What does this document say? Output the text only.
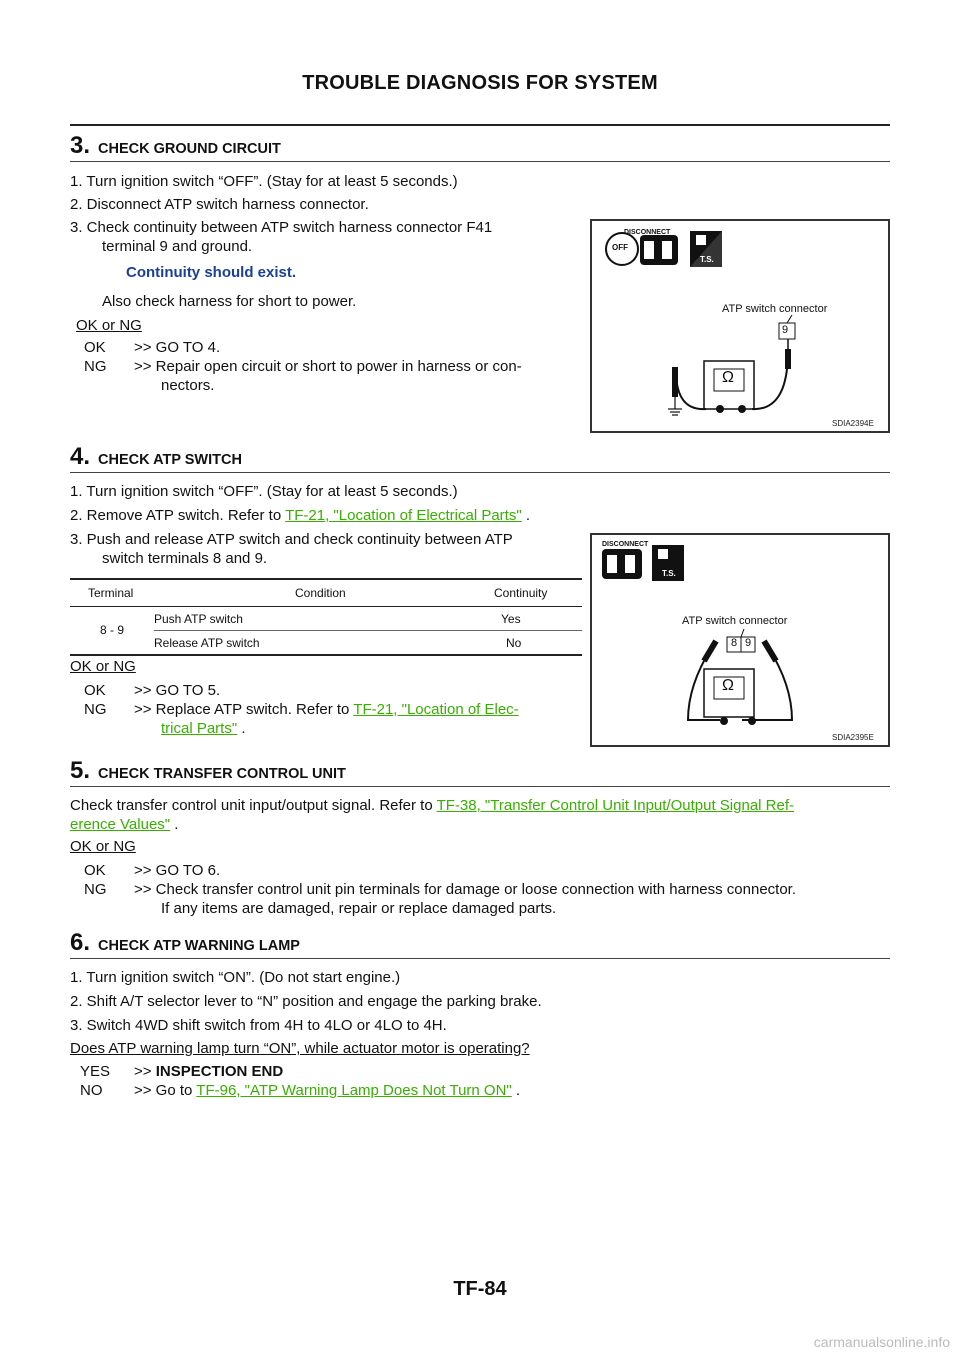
TROUBLE DIAGNOSIS FOR SYSTEM
3. CHECK GROUND CIRCUIT
1. Turn ignition switch “OFF”. (Stay for at least 5 seconds.)
2. Disconnect ATP switch harness connector.
3. Check continuity between ATP switch harness connector F41
terminal 9 and ground.
Continuity should exist.
Also check harness for short to power.
OK or NG
OK >> GO TO 4.
NG >> Repair open circuit or short to power in harness or con-
nectors.
DISCONNECT
OFF
T.S.
ATP switch connector
9
Ω
SDIA2394E
4. CHECK ATP SWITCH
1. Turn ignition switch “OFF”. (Stay for at least 5 seconds.)
2. Remove ATP switch. Refer to TF-21, "Location of Electrical Parts" .
3. Push and release ATP switch and check continuity between ATP
switch terminals 8 and 9.
Terminal	Condition	Continuity
8 - 9
Push ATP switch	Yes
Release ATP switch	No
OK or NG
OK >> GO TO 5.
NG >> Replace ATP switch. Refer to TF-21, "Location of Elec-
trical Parts" .
DISCONNECT
T.S.
ATP switch connector
8 9
Ω
SDIA2395E
5. CHECK TRANSFER CONTROL UNIT
Check transfer control unit input/output signal. Refer to TF-38, "Transfer Control Unit Input/Output Signal Ref-
erence Values" .
OK or NG
OK >> GO TO 6.
NG >> Check transfer control unit pin terminals for damage or loose connection with harness connector.
If any items are damaged, repair or replace damaged parts.
6. CHECK ATP WARNING LAMP
1. Turn ignition switch “ON”. (Do not start engine.)
2. Shift A/T selector lever to “N” position and engage the parking brake.
3. Switch 4WD shift switch from 4H to 4LO or 4LO to 4H.
Does ATP warning lamp turn “ON”, while actuator motor is operating?
YES >> INSPECTION END
NO >> Go to TF-96, "ATP Warning Lamp Does Not Turn ON" .
TF-84
carmanualsonline.info
